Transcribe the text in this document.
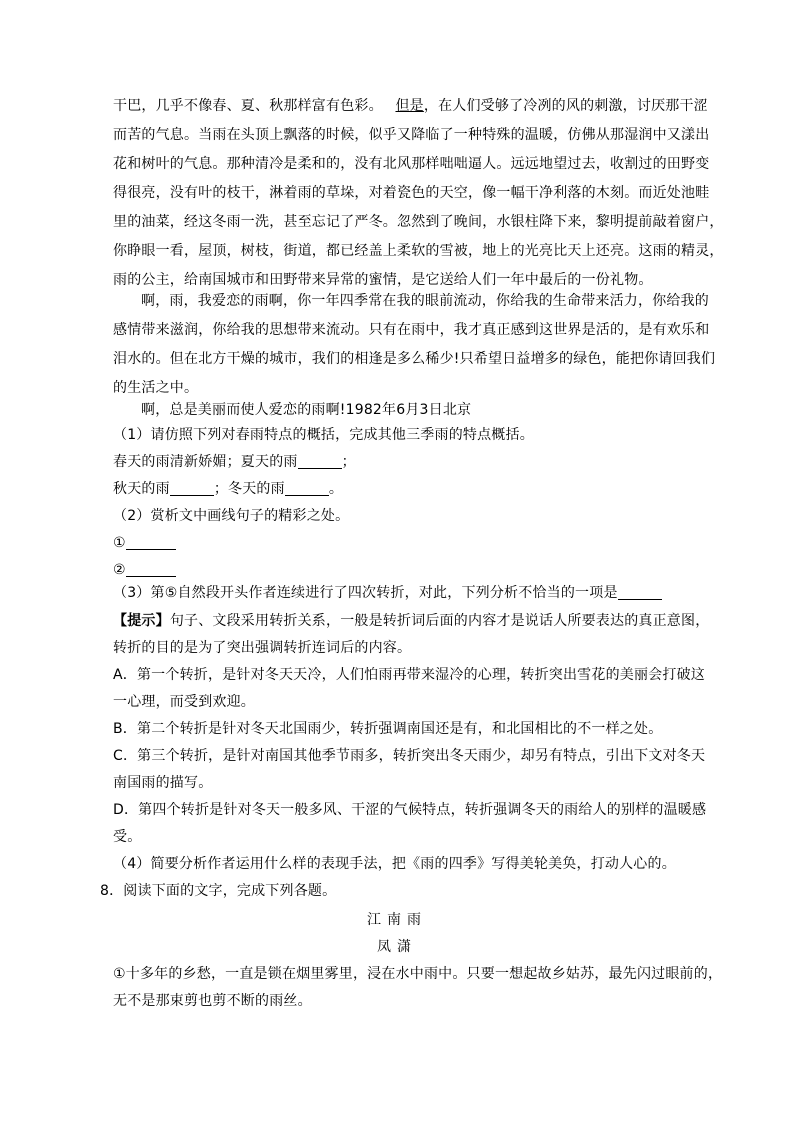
干巴，几乎不像春、夏、秋那样富有色彩。 但是，在人们受够了冷冽的风的刺激，讨厌那干涩
而苦的气息。当雨在头顶上飘落的时候，似乎又降临了一种特殊的温暖，仿佛从那湿润中又漾出
花和树叶的气息。那种清冷是柔和的，没有北风那样咄咄逼人。远远地望过去，收割过的田野变
得很亮，没有叶的枝干，淋着雨的草垛，对着瓷色的天空，像一幅干净利落的木刻。而近处池畦
里的油菜，经这冬雨一洗，甚至忘记了严冬。忽然到了晚间，水银柱降下来，黎明提前敲着窗户，
你睁眼一看，屋顶，树枝，街道，都已经盖上柔软的雪被，地上的光亮比天上还亮。这雨的精灵，
雨的公主，给南国城市和田野带来异常的蜜情，是它送给人们一年中最后的一份礼物。
啊，雨，我爱恋的雨啊，你一年四季常在我的眼前流动，你给我的生命带来活力，你给我的
感情带来滋润，你给我的思想带来流动。只有在雨中，我才真正感到这世界是活的，是有欢乐和
泪水的。但在北方干燥的城市，我们的相逢是多么稀少!只希望日益增多的绿色，能把你请回我们
的生活之中。
啊，总是美丽而使人爱恋的雨啊!1982年6月3日北京
（1）请仿照下列对春雨特点的概括，完成其他三季雨的特点概括。
春天的雨清新娇媚；夏天的雨	；
秋天的雨	；冬天的雨	。
（2）赏析文中画线句子的精彩之处。
①
②
（3）第⑤自然段开头作者连续进行了四次转折，对此，下列分析不恰当的一项是
【提示】句子、文段采用转折关系，一般是转折词后面的内容才是说话人所要表达的真正意图，
转折的目的是为了突出强调转折连词后的内容。
A．第一个转折，是针对冬天天冷，人们怕雨再带来湿冷的心理，转折突出雪花的美丽会打破这
一心理，而受到欢迎。
B．第二个转折是针对冬天北国雨少，转折强调南国还是有，和北国相比的不一样之处。
C．第三个转折，是针对南国其他季节雨多，转折突出冬天雨少，却另有特点，引出下文对冬天
南国雨的描写。
D．第四个转折是针对冬天一般多风、干涩的气候特点，转折强调冬天的雨给人的别样的温暖感
受。
（4）简要分析作者运用什么样的表现手法，把《雨的四季》写得美轮美奂，打动人心的。
8．阅读下面的文字，完成下列各题。
江南雨
凤潇
①十多年的乡愁，一直是锁在烟里雾里，浸在水中雨中。只要一想起故乡姑苏，最先闪过眼前的，
无不是那束剪也剪不断的雨丝。
